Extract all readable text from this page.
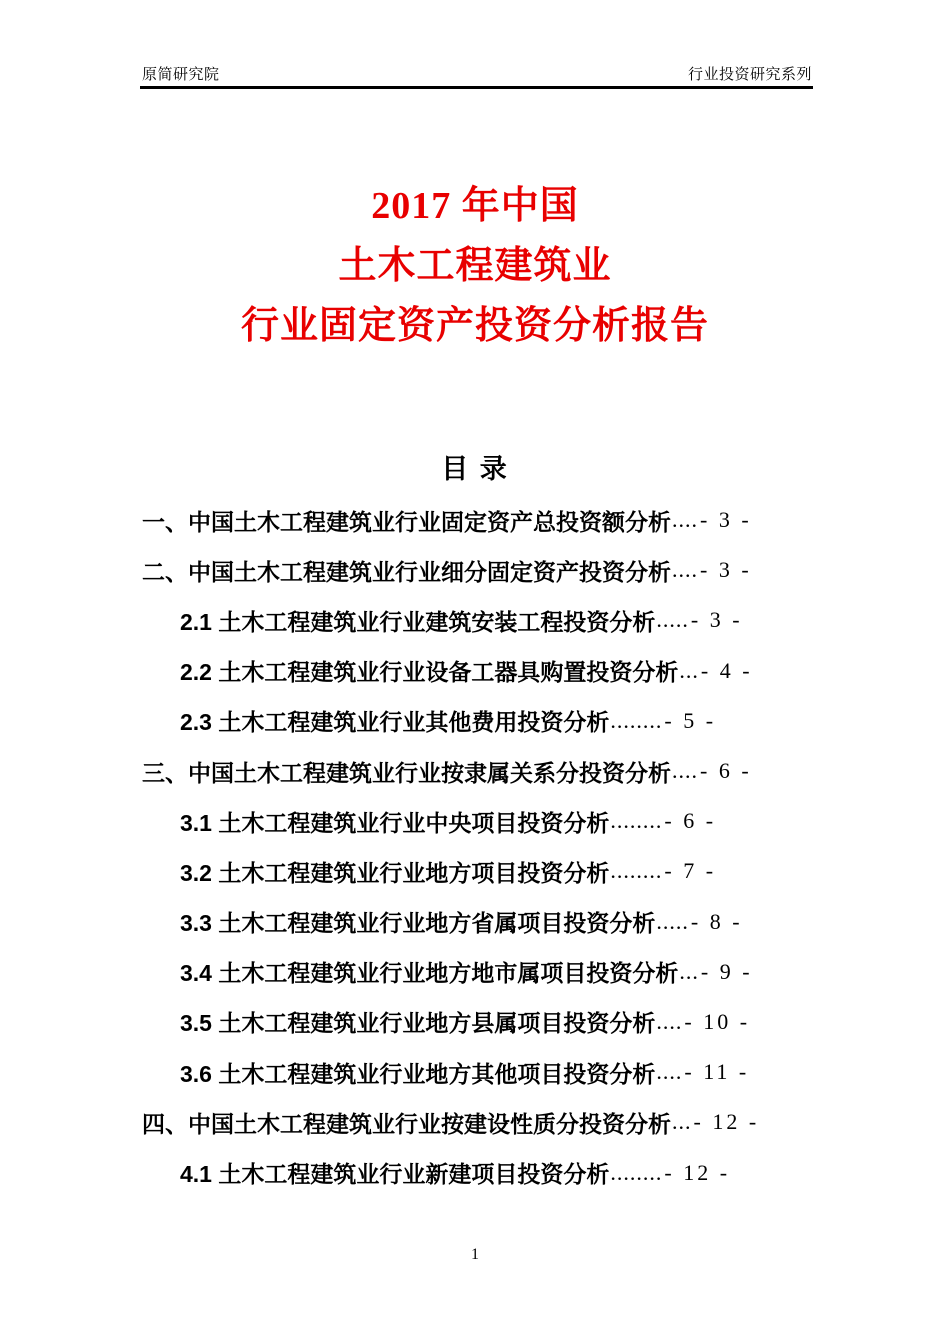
原简研究院	行业投资研究系列
2017 年中国
土木工程建筑业
行业固定资产投资分析报告
目 录
一、中国土木工程建筑业行业固定资产总投资额分析 .... - 3 -
二、中国土木工程建筑业行业细分固定资产投资分析 .... - 3 -
2.1 土木工程建筑业行业建筑安装工程投资分析 ..... - 3 -
2.2 土木工程建筑业行业设备工器具购置投资分析 ... - 4 -
2.3 土木工程建筑业行业其他费用投资分析 ........ - 5 -
三、中国土木工程建筑业行业按隶属关系分投资分析 .... - 6 -
3.1 土木工程建筑业行业中央项目投资分析 ........ - 6 -
3.2 土木工程建筑业行业地方项目投资分析 ........ - 7 -
3.3 土木工程建筑业行业地方省属项目投资分析 ..... - 8 -
3.4 土木工程建筑业行业地方地市属项目投资分析 ... - 9 -
3.5 土木工程建筑业行业地方县属项目投资分析 .... - 10 -
3.6 土木工程建筑业行业地方其他项目投资分析 .... - 11 -
四、中国土木工程建筑业行业按建设性质分投资分析 ... - 12 -
4.1 土木工程建筑业行业新建项目投资分析 ........ - 12 -
1
